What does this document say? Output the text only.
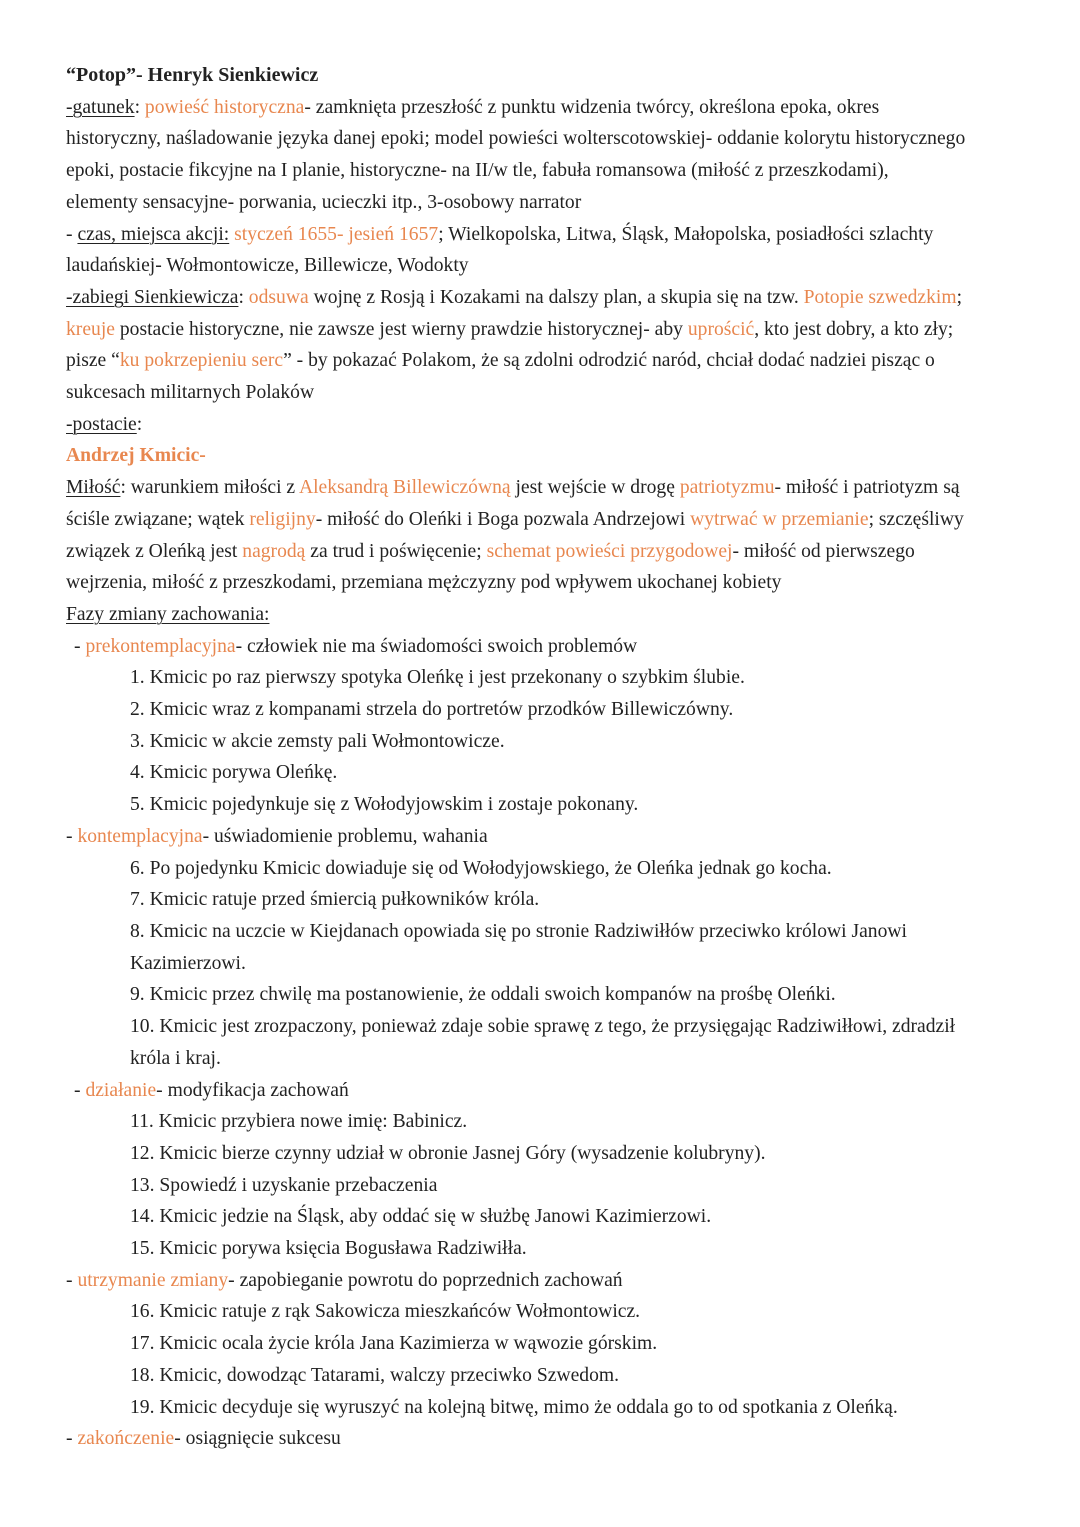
“Potop”- Henryk Sienkiewicz
-gatunek: powieść historyczna- zamknięta przeszłość z punktu widzenia twórcy, określona epoka, okres
historyczny, naśladowanie języka danej epoki; model powieści wolterscotowskiej- oddanie kolorytu historycznego
epoki, postacie fikcyjne na I planie, historyczne- na II/w tle, fabuła romansowa (miłość z przeszkodami),
elementy sensacyjne- porwania, ucieczki itp., 3-osobowy narrator
- czas, miejsca akcji: styczeń 1655- jesień 1657; Wielkopolska, Litwa, Śląsk, Małopolska, posiadłości szlachty
laudańskiej- Wołmontowicze, Billewicze, Wodokty
-zabiegi Sienkiewicza: odsuwa wojnę z Rosją i Kozakami na dalszy plan, a skupia się na tzw. Potopie szwedzkim;
kreuje postacie historyczne, nie zawsze jest wierny prawdzie historycznej- aby uprościć, kto jest dobry, a kto zły;
pisze “ku pokrzepieniu serc” - by pokazać Polakom, że są zdolni odrodzić naród, chciał dodać nadziei pisząc o
sukcesach militarnych Polaków
-postacie:
Andrzej Kmicic-
Miłość: warunkiem miłości z Aleksandrą Billewiczówną jest wejście w drogę patriotyzmu- miłość i patriotyzm są
ściśle związane; wątek religijny- miłość do Oleńki i Boga pozwala Andrzejowi wytrwać w przemianie; szczęśliwy
związek z Oleńką jest nagrodą za trud i poświęcenie; schemat powieści przygodowej- miłość od pierwszego
wejrzenia, miłość z przeszkodami, przemiana mężczyzny pod wpływem ukochanej kobiety
Fazy zmiany zachowania:
- prekontemplacyjna- człowiek nie ma świadomości swoich problemów
1. Kmicic po raz pierwszy spotyka Oleńkę i jest przekonany o szybkim ślubie.
2. Kmicic wraz z kompanami strzela do portretów przodków Billewiczówny.
3. Kmicic w akcie zemsty pali Wołmontowicze.
4. Kmicic porywa Oleńkę.
5. Kmicic pojedynkuje się z Wołodyjowskim i zostaje pokonany.
- kontemplacyjna- uświadomienie problemu, wahania
6. Po pojedynku Kmicic dowiaduje się od Wołodyjowskiego, że Oleńka jednak go kocha.
7. Kmicic ratuje przed śmiercią pułkowników króla.
8. Kmicic na uczcie w Kiejdanach opowiada się po stronie Radziwiłłów przeciwko królowi Janowi
Kazimierzowi.
9. Kmicic przez chwilę ma postanowienie, że oddali swoich kompanów na prośbę Oleńki.
10. Kmicic jest zrozpaczony, ponieważ zdaje sobie sprawę z tego, że przysięgając Radziwiłłowi, zdradził
króla i kraj.
- działanie- modyfikacja zachowań
11. Kmicic przybiera nowe imię: Babinicz.
12. Kmicic bierze czynny udział w obronie Jasnej Góry (wysadzenie kolubryny).
13. Spowiedź i uzyskanie przebaczenia
14. Kmicic jedzie na Śląsk, aby oddać się w służbę Janowi Kazimierzowi.
15. Kmicic porywa księcia Bogusława Radziwiłła.
- utrzymanie zmiany- zapobieganie powrotu do poprzednich zachowań
16. Kmicic ratuje z rąk Sakowicza mieszkańców Wołmontowicz.
17. Kmicic ocala życie króla Jana Kazimierza w wąwozie górskim.
18. Kmicic, dowodząc Tatarami, walczy przeciwko Szwedom.
19. Kmicic decyduje się wyruszyć na kolejną bitwę, mimo że oddala go to od spotkania z Oleńką.
- zakończenie- osiągnięcie sukcesu
